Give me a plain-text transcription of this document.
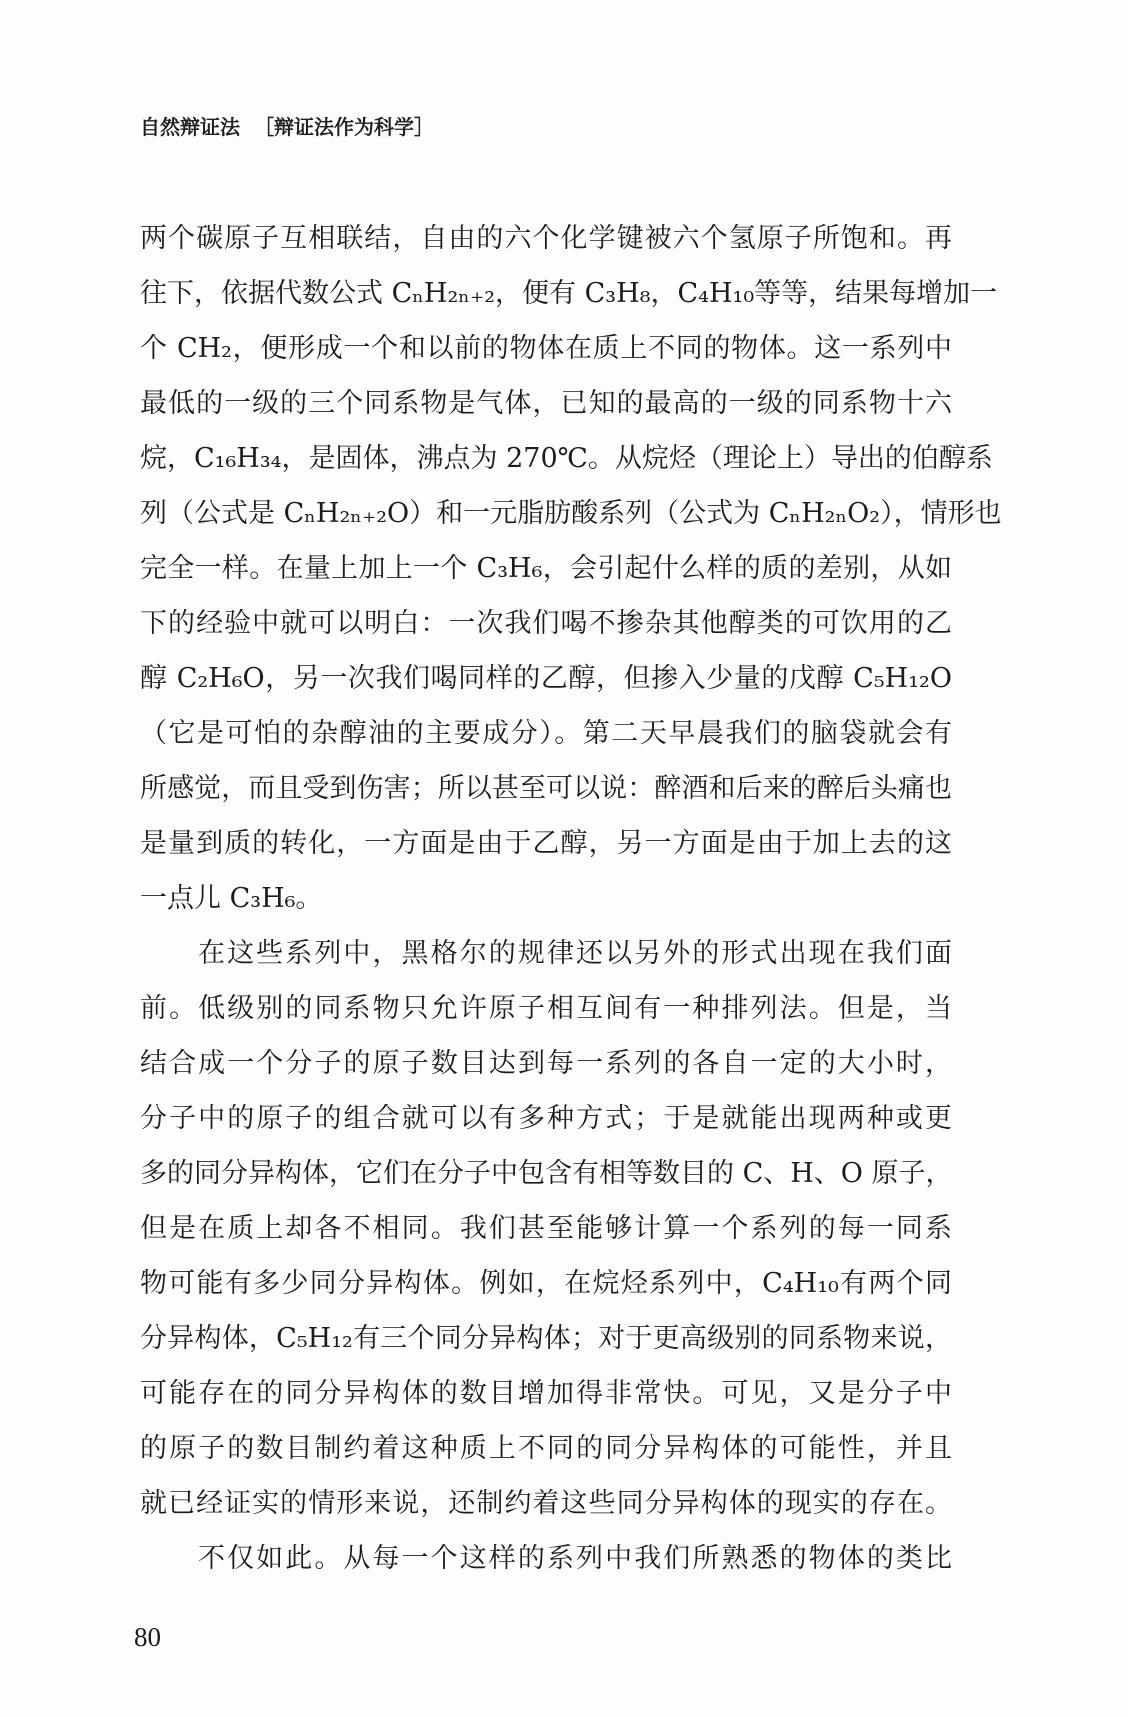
自然辩证法 ［辩证法作为科学］
两个碳原子互相联结，自由的六个化学键被六个氢原子所饱和。再
往下，依据代数公式 CₙH₂ₙ₊₂，便有 C₃H₈，C₄H₁₀等等，结果每增加一
个 CH₂，便形成一个和以前的物体在质上不同的物体。这一系列中
最低的一级的三个同系物是气体，已知的最高的一级的同系物十六
烷，C₁₆H₃₄，是固体，沸点为 270℃。从烷烃（理论上）导出的伯醇系
列（公式是 CₙH₂ₙ₊₂O）和一元脂肪酸系列（公式为 CₙH₂ₙO₂），情形也
完全一样。在量上加上一个 C₃H₆，会引起什么样的质的差别，从如
下的经验中就可以明白：一次我们喝不掺杂其他醇类的可饮用的乙
醇 C₂H₆O，另一次我们喝同样的乙醇，但掺入少量的戊醇 C₅H₁₂O
（它是可怕的杂醇油的主要成分）。第二天早晨我们的脑袋就会有
所感觉，而且受到伤害；所以甚至可以说：醉酒和后来的醉后头痛也
是量到质的转化，一方面是由于乙醇，另一方面是由于加上去的这
一点儿 C₃H₆。
在这些系列中，黑格尔的规律还以另外的形式出现在我们面
前。低级别的同系物只允许原子相互间有一种排列法。但是，当
结合成一个分子的原子数目达到每一系列的各自一定的大小时，
分子中的原子的组合就可以有多种方式；于是就能出现两种或更
多的同分异构体，它们在分子中包含有相等数目的 C、H、O 原子，
但是在质上却各不相同。我们甚至能够计算一个系列的每一同系
物可能有多少同分异构体。例如，在烷烃系列中，C₄H₁₀有两个同
分异构体，C₅H₁₂有三个同分异构体；对于更高级别的同系物来说，
可能存在的同分异构体的数目增加得非常快。可见，又是分子中
的原子的数目制约着这种质上不同的同分异构体的可能性，并且
就已经证实的情形来说，还制约着这些同分异构体的现实的存在。
不仅如此。从每一个这样的系列中我们所熟悉的物体的类比
80
